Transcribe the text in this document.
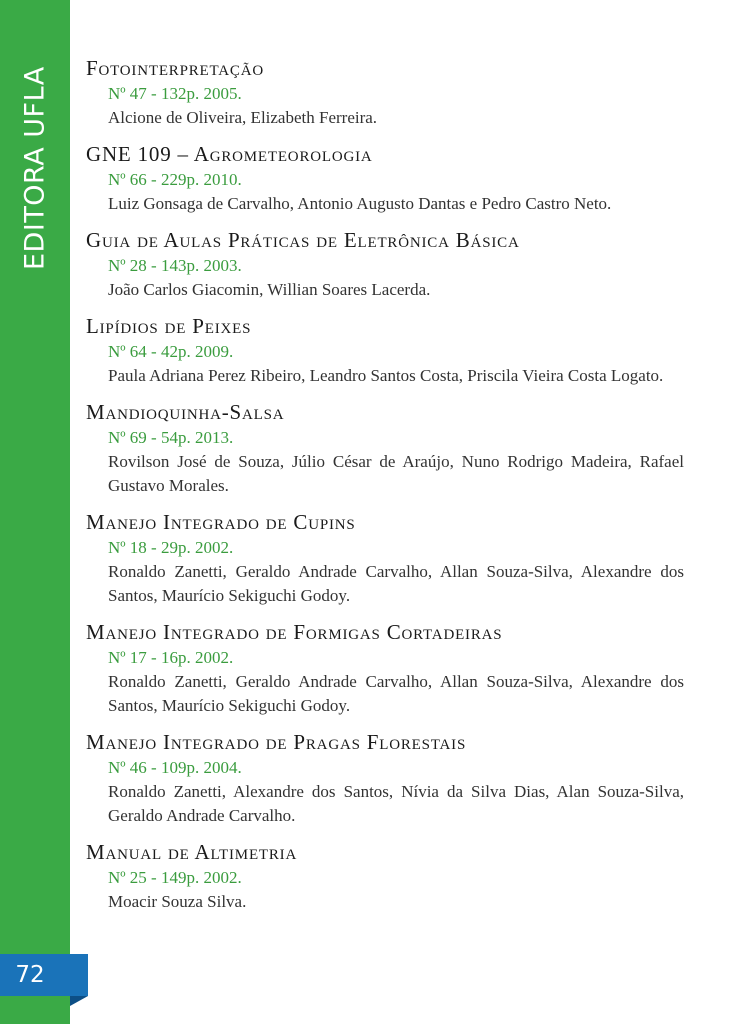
EDITORA UFLA
72
Fotointerpretação
Nº 47 - 132p. 2005.
Alcione de Oliveira, Elizabeth Ferreira.
GNE 109 – Agrometeorologia
Nº 66 - 229p. 2010.
Luiz Gonsaga de Carvalho, Antonio Augusto Dantas e Pedro Castro Neto.
Guia de Aulas Práticas de Eletrônica Básica
Nº 28 - 143p. 2003.
João Carlos Giacomin, Willian Soares Lacerda.
Lipídios de Peixes
Nº 64 - 42p. 2009.
Paula Adriana Perez Ribeiro, Leandro Santos Costa, Priscila Vieira Costa Logato.
Mandioquinha-Salsa
Nº 69 - 54p. 2013.
Rovilson José de Souza, Júlio César de Araújo, Nuno Rodrigo Madeira, Rafael Gustavo Morales.
Manejo Integrado de Cupins
Nº 18 - 29p. 2002.
Ronaldo Zanetti, Geraldo Andrade Carvalho, Allan Souza-Silva, Alexandre dos Santos, Maurício Sekiguchi Godoy.
Manejo Integrado de Formigas Cortadeiras
Nº 17 - 16p. 2002.
Ronaldo Zanetti, Geraldo Andrade Carvalho, Allan Souza-Silva, Alexandre dos Santos, Maurício Sekiguchi Godoy.
Manejo Integrado de Pragas Florestais
Nº 46 - 109p. 2004.
Ronaldo Zanetti, Alexandre dos Santos, Nívia da Silva Dias, Alan Souza-Silva, Geraldo Andrade Carvalho.
Manual de Altimetria
Nº 25 - 149p. 2002.
Moacir Souza Silva.
